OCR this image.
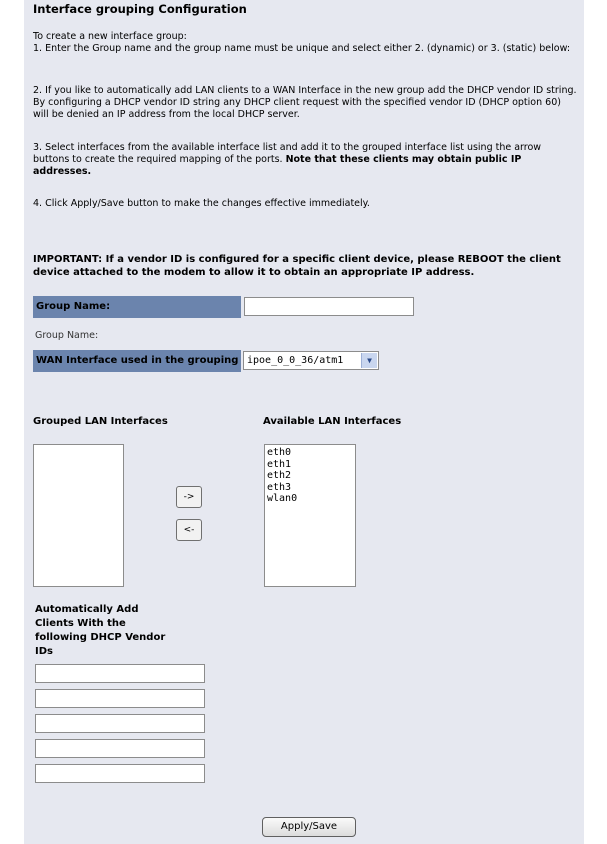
Interface grouping Configuration
To create a new interface group:
1. Enter the Group name and the group name must be unique and select either 2. (dynamic) or 3. (static) below:
2. If you like to automatically add LAN clients to a WAN Interface in the new group add the DHCP vendor ID string. By configuring a DHCP vendor ID string any DHCP client request with the specified vendor ID (DHCP option 60) will be denied an IP address from the local DHCP server.
3. Select interfaces from the available interface list and add it to the grouped interface list using the arrow buttons to create the required mapping of the ports. Note that these clients may obtain public IP addresses.
4. Click Apply/Save button to make the changes effective immediately.
IMPORTANT: If a vendor ID is configured for a specific client device, please REBOOT the client device attached to the modem to allow it to obtain an appropriate IP address.
Group Name:
Group Name:
WAN Interface used in the grouping ipoe_0_0_36/atm1	▼
Grouped LAN Interfaces	Available LAN Interfaces
->
<-
eth0
eth1
eth2
eth3
wlan0
Automatically Add
Clients With the
following DHCP Vendor
IDs
Apply/Save
